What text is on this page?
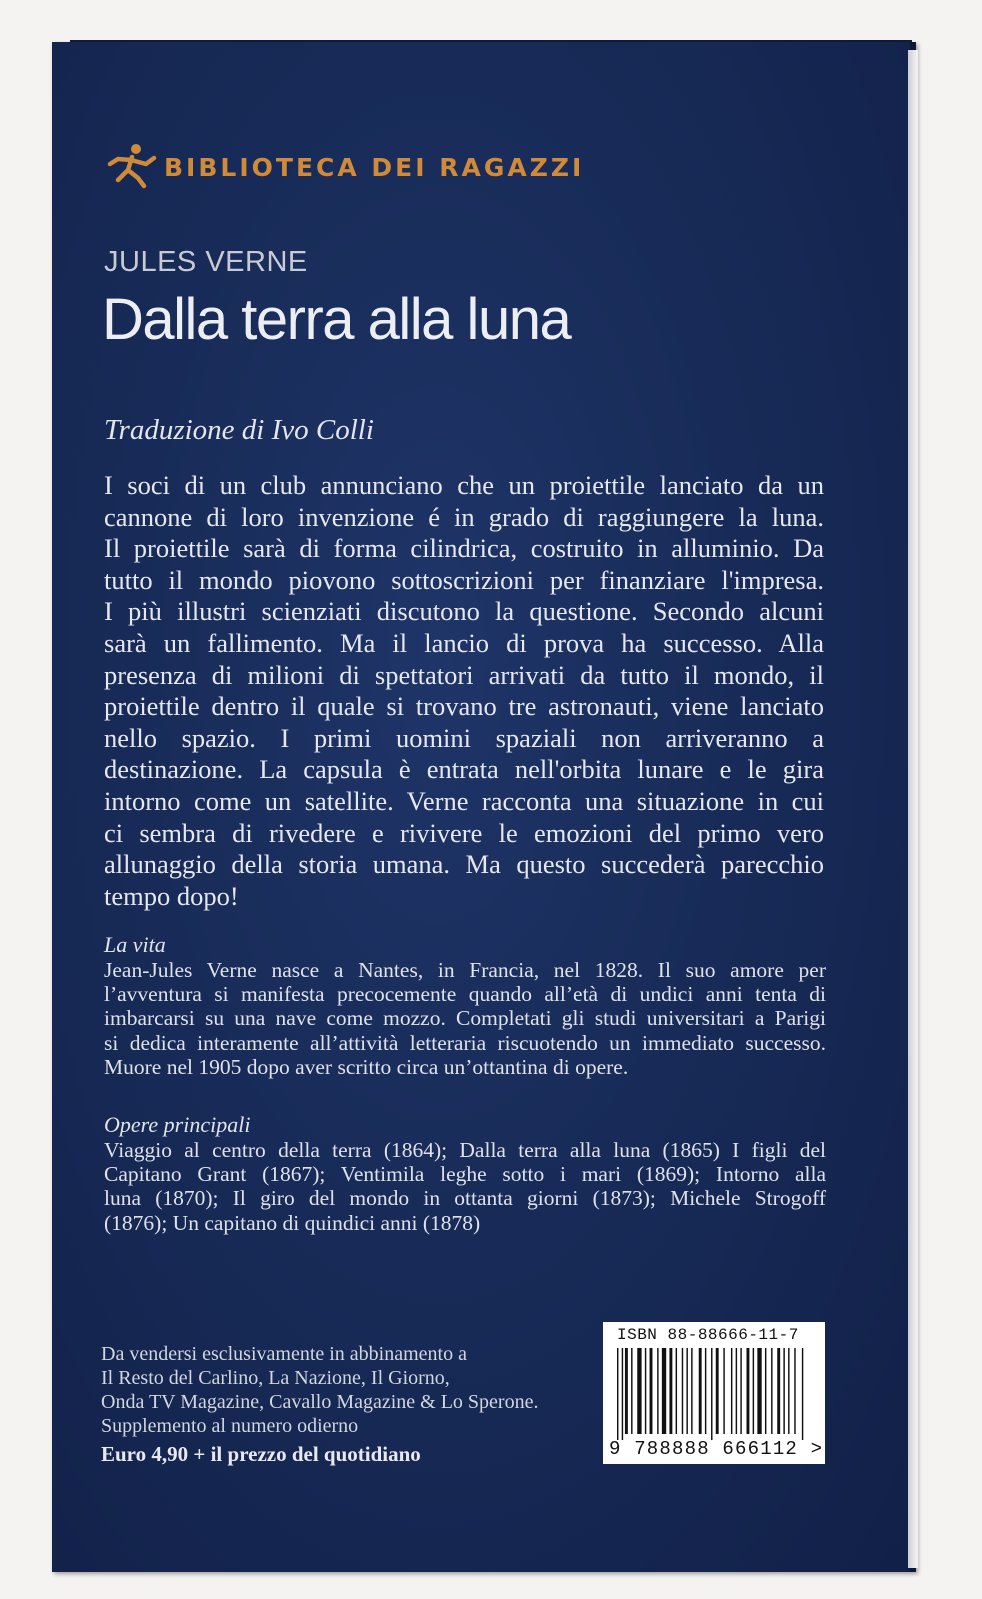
BIBLIOTECA DEI RAGAZZI
JULES VERNE
Dalla terra alla luna
Traduzione di Ivo Colli
I soci di un club annunciano che un proiettile lanciato da un
cannone di loro invenzione é in grado di raggiungere la luna.
Il proiettile sarà di forma cilindrica, costruito in alluminio. Da
tutto il mondo piovono sottoscrizioni per finanziare l'impresa.
I più illustri scienziati discutono la questione. Secondo alcuni
sarà un fallimento. Ma il lancio di prova ha successo. Alla
presenza di milioni di spettatori arrivati da tutto il mondo, il
proiettile dentro il quale si trovano tre astronauti, viene lanciato
nello spazio. I primi uomini spaziali non arriveranno a
destinazione. La capsula è entrata nell'orbita lunare e le gira
intorno come un satellite. Verne racconta una situazione in cui
ci sembra di rivedere e rivivere le emozioni del primo vero
allunaggio della storia umana. Ma questo succederà parecchio
tempo dopo!
La vita
Jean-Jules Verne nasce a Nantes, in Francia, nel 1828. Il suo amore per
l’avventura si manifesta precocemente quando all’età di undici anni tenta di
imbarcarsi su una nave come mozzo. Completati gli studi universitari a Parigi
si dedica interamente all’attività letteraria riscuotendo un immediato successo.
Muore nel 1905 dopo aver scritto circa un’ottantina di opere.
Opere principali
Viaggio al centro della terra (1864); Dalla terra alla luna (1865) I figli del
Capitano Grant (1867); Ventimila leghe sotto i mari (1869); Intorno alla
luna (1870); Il giro del mondo in ottanta giorni (1873); Michele Strogoff
(1876); Un capitano di quindici anni (1878)
Da vendersi esclusivamente in abbinamento a
Il Resto del Carlino, La Nazione, Il Giorno,
Onda TV Magazine, Cavallo Magazine & Lo Sperone.
Supplemento al numero odierno
Euro 4,90 + il prezzo del quotidiano
ISBN 88-88666-11-7
9 788888 666112 >
